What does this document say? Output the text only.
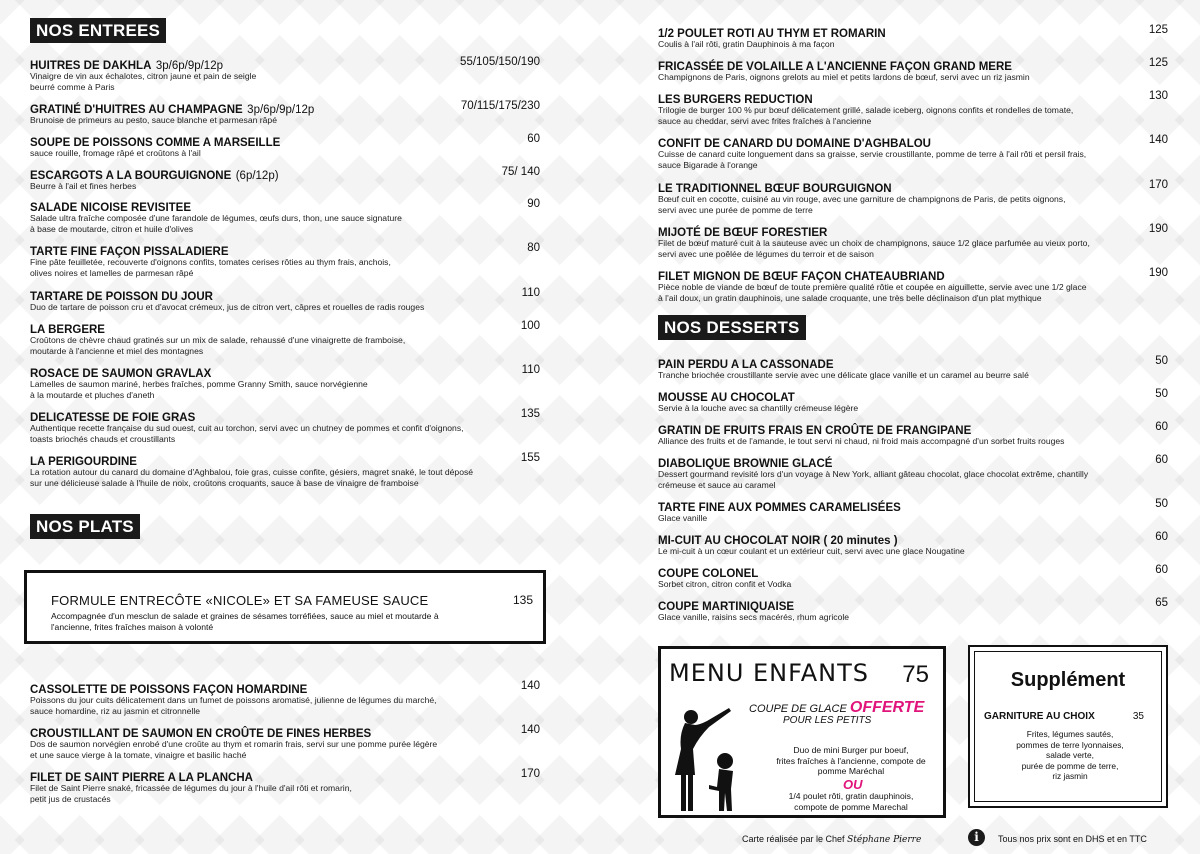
NOS ENTREES
HUITRES DE DAKHLA 3p/6p/9p/12p	55/105/150/190
Vinaigre de vin aux échalotes, citron jaune et pain de seigle
beurré comme à Paris
GRATINÉ D'HUITRES AU CHAMPAGNE 3p/6p/9p/12p	70/115/175/230
Brunoise de primeurs au pesto, sauce blanche et parmesan râpé
SOUPE DE POISSONS COMME A MARSEILLE	60
sauce rouille, fromage râpé et croûtons à l'ail
ESCARGOTS A LA BOURGUIGNONE (6p/12p)	75/ 140
Beurre à l'ail et fines herbes
SALADE NICOISE REVISITEE	90
Salade ultra fraîche composée d'une farandole de légumes, œufs durs, thon, une sauce signature
à base de moutarde, citron et huile d'olives
TARTE FINE FAÇON PISSALADIERE	80
Fine pâte feuilletée, recouverte d'oignons confits, tomates cerises rôties au thym frais, anchois,
olives noires et lamelles de parmesan râpé
TARTARE DE POISSON DU JOUR	110
Duo de tartare de poisson cru et d'avocat crémeux, jus de citron vert, câpres et rouelles de radis rouges
LA BERGERE	100
Croûtons de chèvre chaud gratinés sur un mix de salade, rehaussé d'une vinaigrette de framboise,
moutarde à l'ancienne et miel des montagnes
ROSACE DE SAUMON GRAVLAX	110
Lamelles de saumon mariné, herbes fraîches, pomme Granny Smith, sauce norvégienne
à la moutarde et pluches d'aneth
DELICATESSE DE FOIE GRAS	135
Authentique recette française du sud ouest, cuit au torchon, servi avec un chutney de pommes et confit d'oignons,
toasts briochés chauds et croustillants
LA PERIGOURDINE	155
La rotation autour du canard du domaine d'Aghbalou, foie gras, cuisse confite, gésiers, magret snaké, le tout déposé
sur une délicieuse salade à l'huile de noix, croûtons croquants, sauce à base de vinaigre de framboise
NOS PLATS
CASSOLETTE DE POISSONS FAÇON HOMARDINE	140
Poissons du jour cuits délicatement dans un fumet de poissons aromatisé, julienne de légumes du marché,
sauce homardine, riz au jasmin et citronnelle
CROUSTILLANT DE SAUMON EN CROÛTE DE FINES HERBES	140
Dos de saumon norvégien enrobé d'une croûte au thym et romarin frais, servi sur une pomme purée légère
et une sauce vierge à la tomate, vinaigre et basilic haché
FILET DE SAINT PIERRE A LA PLANCHA	170
Filet de Saint Pierre snaké, fricassée de légumes du jour à l'huile d'ail rôti et romarin,
petit jus de crustacés
FORMULE ENTRECÔTE «NICOLE» ET SA FAMEUSE SAUCE	135
Accompagnée d'un mesclun de salade et graines de sésames torréfiées, sauce au miel et moutarde à
l'ancienne, frites fraîches maison à volonté
1/2 POULET ROTI AU THYM ET ROMARIN	125
Coulis à l'ail rôti, gratin Dauphinois à ma façon
FRICASSÉE DE VOLAILLE A L'ANCIENNE FAÇON GRAND MERE	125
Champignons de Paris, oignons grelots au miel et petits lardons de bœuf, servi avec un riz jasmin
LES BURGERS REDUCTION	130
Trilogie de burger 100 % pur bœuf délicatement grillé, salade iceberg, oignons confits et rondelles de tomate,
sauce au cheddar, servi avec frites fraîches à l'ancienne
CONFIT DE CANARD DU DOMAINE D'AGHBALOU	140
Cuisse de canard cuite longuement dans sa graisse, servie croustillante, pomme de terre à l'ail rôti et persil frais,
sauce Bigarade à l'orange
LE TRADITIONNEL BŒUF BOURGUIGNON	170
Bœuf cuit en cocotte, cuisiné au vin rouge, avec une garniture de champignons de Paris, de petits oignons,
servi avec une purée de pomme de terre
MIJOTÉ DE BŒUF FORESTIER	190
Filet de bœuf maturé cuit à la sauteuse avec un choix de champignons, sauce 1/2 glace parfumée au vieux porto,
servi avec une poêlée de légumes du terroir et de saison
FILET MIGNON DE BŒUF FAÇON CHATEAUBRIAND	190
Pièce noble de viande de bœuf de toute première qualité rôtie et coupée en aiguillette, servie avec une 1/2 glace
à l'ail doux, un gratin dauphinois, une salade croquante, une très belle déclinaison d'un plat mythique
NOS DESSERTS
PAIN PERDU A LA CASSONADE	50
Tranche briochée croustillante servie avec une délicate glace vanille et un caramel au beurre salé
MOUSSE AU CHOCOLAT	50
Servie à la louche avec sa chantilly crémeuse légère
GRATIN DE FRUITS FRAIS EN CROÛTE DE FRANGIPANE	60
Alliance des fruits et de l'amande, le tout servi ni chaud, ni froid mais accompagné d'un sorbet fruits rouges
DIABOLIQUE BROWNIE GLACÉ	60
Dessert gourmand revisité lors d'un voyage à New York, alliant gâteau chocolat, glace chocolat extrême, chantilly
crémeuse et sauce au caramel
TARTE FINE AUX POMMES CARAMELISÉES	50
Glace vanille
MI-CUIT AU CHOCOLAT NOIR ( 20 minutes )	60
Le mi-cuit à un cœur coulant et un extérieur cuit, servi avec une glace Nougatine
COUPE COLONEL	60
Sorbet citron, citron confit et Vodka
COUPE MARTINIQUAISE	65
Glace vanille, raisins secs macérés, rhum agricole
MENU ENFANTS 75
COUPE DE GLACE OFFERTE
POUR LES PETITS
Duo de mini Burger pur boeuf,
frites fraîches à l'ancienne, compote de
pomme Maréchal
OU
1/4 poulet rôti, gratin dauphinois,
compote de pomme Marechal
Supplément
GARNITURE AU CHOIX	35
Frites, légumes sautés,
pommes de terre lyonnaises,
salade verte,
purée de pomme de terre,
riz jasmin
Carte réalisée par le Chef Stéphane Pierre	i	Tous nos prix sont en DHS et en TTC
